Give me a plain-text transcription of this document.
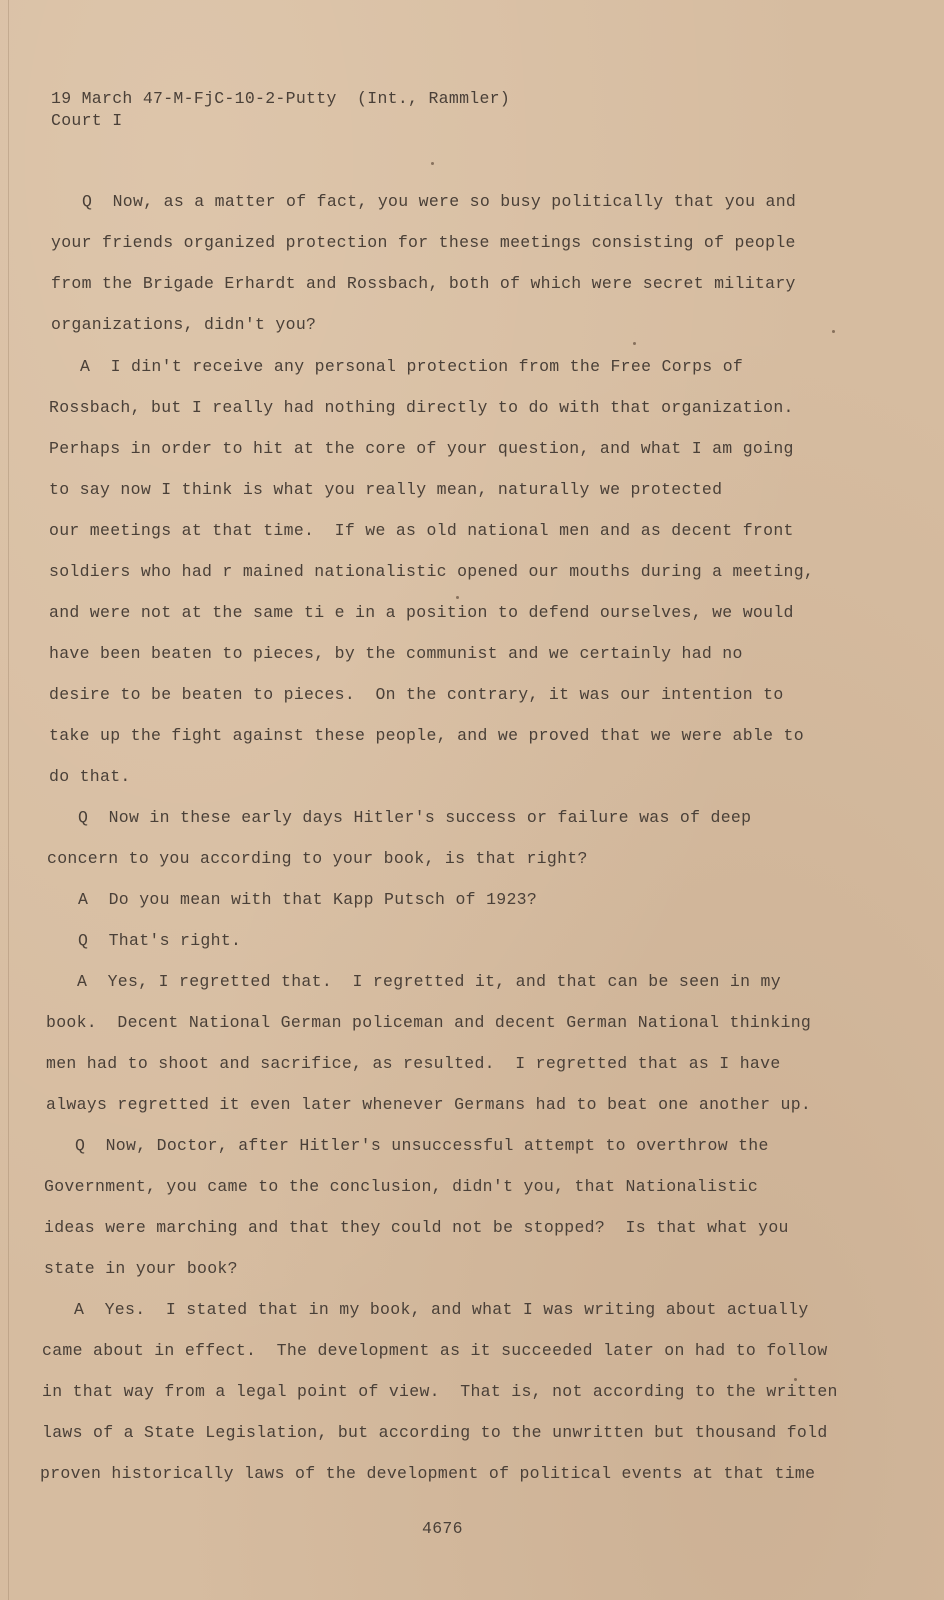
19 March 47-M-FjC-10-2-Putty  (Int., Rammler)
Court I
Q  Now, as a matter of fact, you were so busy politically that you and
your friends organized protection for these meetings consisting of people
from the Brigade Erhardt and Rossbach, both of which were secret military
organizations, didn't you?
A  I din't receive any personal protection from the Free Corps of
Rossbach, but I really had nothing directly to do with that organization.
Perhaps in order to hit at the core of your question, and what I am going
to say now I think is what you really mean, naturally we protected
our meetings at that time.  If we as old national men and as decent front
soldiers who had r mained nationalistic opened our mouths during a meeting,
and were not at the same ti e in a position to defend ourselves, we would
have been beaten to pieces, by the communist and we certainly had no
desire to be beaten to pieces.  On the contrary, it was our intention to
take up the fight against these people, and we proved that we were able to
do that.
Q  Now in these early days Hitler's success or failure was of deep
concern to you according to your book, is that right?
A  Do you mean with that Kapp Putsch of 1923?
Q  That's right.
A  Yes, I regretted that.  I regretted it, and that can be seen in my
book.  Decent National German policeman and decent German National thinking
men had to shoot and sacrifice, as resulted.  I regretted that as I have
always regretted it even later whenever Germans had to beat one another up.
Q  Now, Doctor, after Hitler's unsuccessful attempt to overthrow the
Government, you came to the conclusion, didn't you, that Nationalistic
ideas were marching and that they could not be stopped?  Is that what you
state in your book?
A  Yes.  I stated that in my book, and what I was writing about actually
came about in effect.  The development as it succeeded later on had to follow
in that way from a legal point of view.  That is, not according to the written
laws of a State Legislation, but according to the unwritten but thousand fold
proven historically laws of the development of political events at that time
4676
